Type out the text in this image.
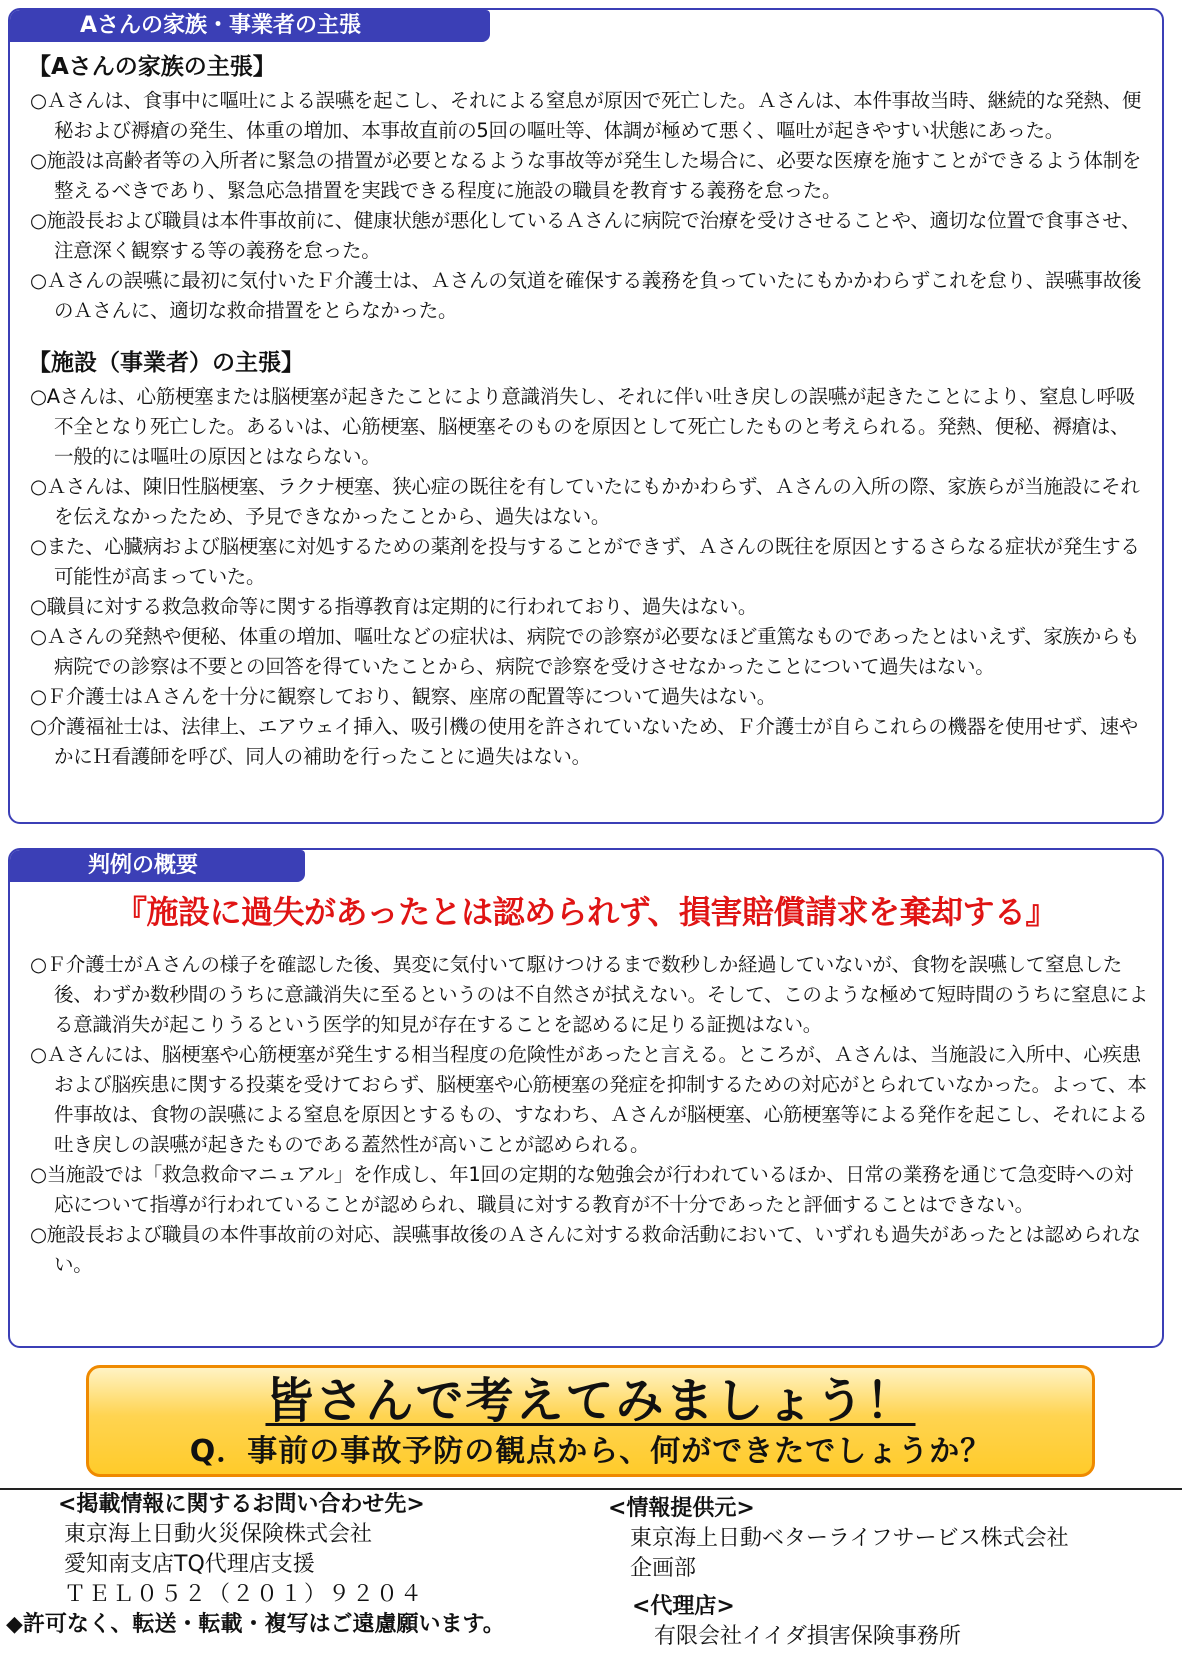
Aさんの家族・事業者の主張
【Aさんの家族の主張】
○Ａさんは、食事中に嘔吐による誤嚥を起こし、それによる窒息が原因で死亡した。Ａさんは、本件事故当時、継続的な発熱、便秘および褥瘡の発生、体重の増加、本事故直前の5回の嘔吐等、体調が極めて悪く、嘔吐が起きやすい状態にあった。
○施設は高齢者等の入所者に緊急の措置が必要となるような事故等が発生した場合に、必要な医療を施すことができるよう体制を整えるべきであり、緊急応急措置を実践できる程度に施設の職員を教育する義務を怠った。
○施設長および職員は本件事故前に、健康状態が悪化しているＡさんに病院で治療を受けさせることや、適切な位置で食事させ、注意深く観察する等の義務を怠った。
○Ａさんの誤嚥に最初に気付いたＦ介護士は、Ａさんの気道を確保する義務を負っていたにもかかわらずこれを怠り、誤嚥事故後のＡさんに、適切な救命措置をとらなかった。
【施設（事業者）の主張】
○Aさんは、心筋梗塞または脳梗塞が起きたことにより意識消失し、それに伴い吐き戻しの誤嚥が起きたことにより、窒息し呼吸不全となり死亡した。あるいは、心筋梗塞、脳梗塞そのものを原因として死亡したものと考えられる。発熱、便秘、褥瘡は、一般的には嘔吐の原因とはならない。
○Ａさんは、陳旧性脳梗塞、ラクナ梗塞、狭心症の既往を有していたにもかかわらず、Ａさんの入所の際、家族らが当施設にそれを伝えなかったため、予見できなかったことから、過失はない。
○また、心臓病および脳梗塞に対処するための薬剤を投与することができず、Ａさんの既往を原因とするさらなる症状が発生する可能性が高まっていた。
○職員に対する救急救命等に関する指導教育は定期的に行われており、過失はない。
○Ａさんの発熱や便秘、体重の増加、嘔吐などの症状は、病院での診察が必要なほど重篤なものであったとはいえず、家族からも病院での診察は不要との回答を得ていたことから、病院で診察を受けさせなかったことについて過失はない。
○Ｆ介護士はＡさんを十分に観察しており、観察、座席の配置等について過失はない。
○介護福祉士は、法律上、エアウェイ挿入、吸引機の使用を許されていないため、Ｆ介護士が自らこれらの機器を使用せず、速やかにＨ看護師を呼び、同人の補助を行ったことに過失はない。
判例の概要
『施設に過失があったとは認められず、損害賠償請求を棄却する』
○Ｆ介護士がＡさんの様子を確認した後、異変に気付いて駆けつけるまで数秒しか経過していないが、食物を誤嚥して窒息した後、わずか数秒間のうちに意識消失に至るというのは不自然さが拭えない。そして、このような極めて短時間のうちに窒息による意識消失が起こりうるという医学的知見が存在することを認めるに足りる証拠はない。
○Ａさんには、脳梗塞や心筋梗塞が発生する相当程度の危険性があったと言える。ところが、Ａさんは、当施設に入所中、心疾患および脳疾患に関する投薬を受けておらず、脳梗塞や心筋梗塞の発症を抑制するための対応がとられていなかった。よって、本件事故は、食物の誤嚥による窒息を原因とするもの、すなわち、Ａさんが脳梗塞、心筋梗塞等による発作を起こし、それによる吐き戻しの誤嚥が起きたものである蓋然性が高いことが認められる。
○当施設では「救急救命マニュアル」を作成し、年1回の定期的な勉強会が行われているほか、日常の業務を通じて急変時への対応について指導が行われていることが認められ、職員に対する教育が不十分であったと評価することはできない。
○施設長および職員の本件事故前の対応、誤嚥事故後のＡさんに対する救命活動において、いずれも過失があったとは認められない。
皆さんで考えてみましょう！
Q．事前の事故予防の観点から、何ができたでしょうか？
<掲載情報に関するお問い合わせ先>
東京海上日動火災保険株式会社
愛知南支店TQ代理店支援
ＴＥＬ０５２（２０１）９２０４
◆許可なく、転送・転載・複写はご遠慮願います。
<情報提供元>
東京海上日動ベターライフサービス株式会社
企画部
<代理店>
有限会社イイダ損害保険事務所
